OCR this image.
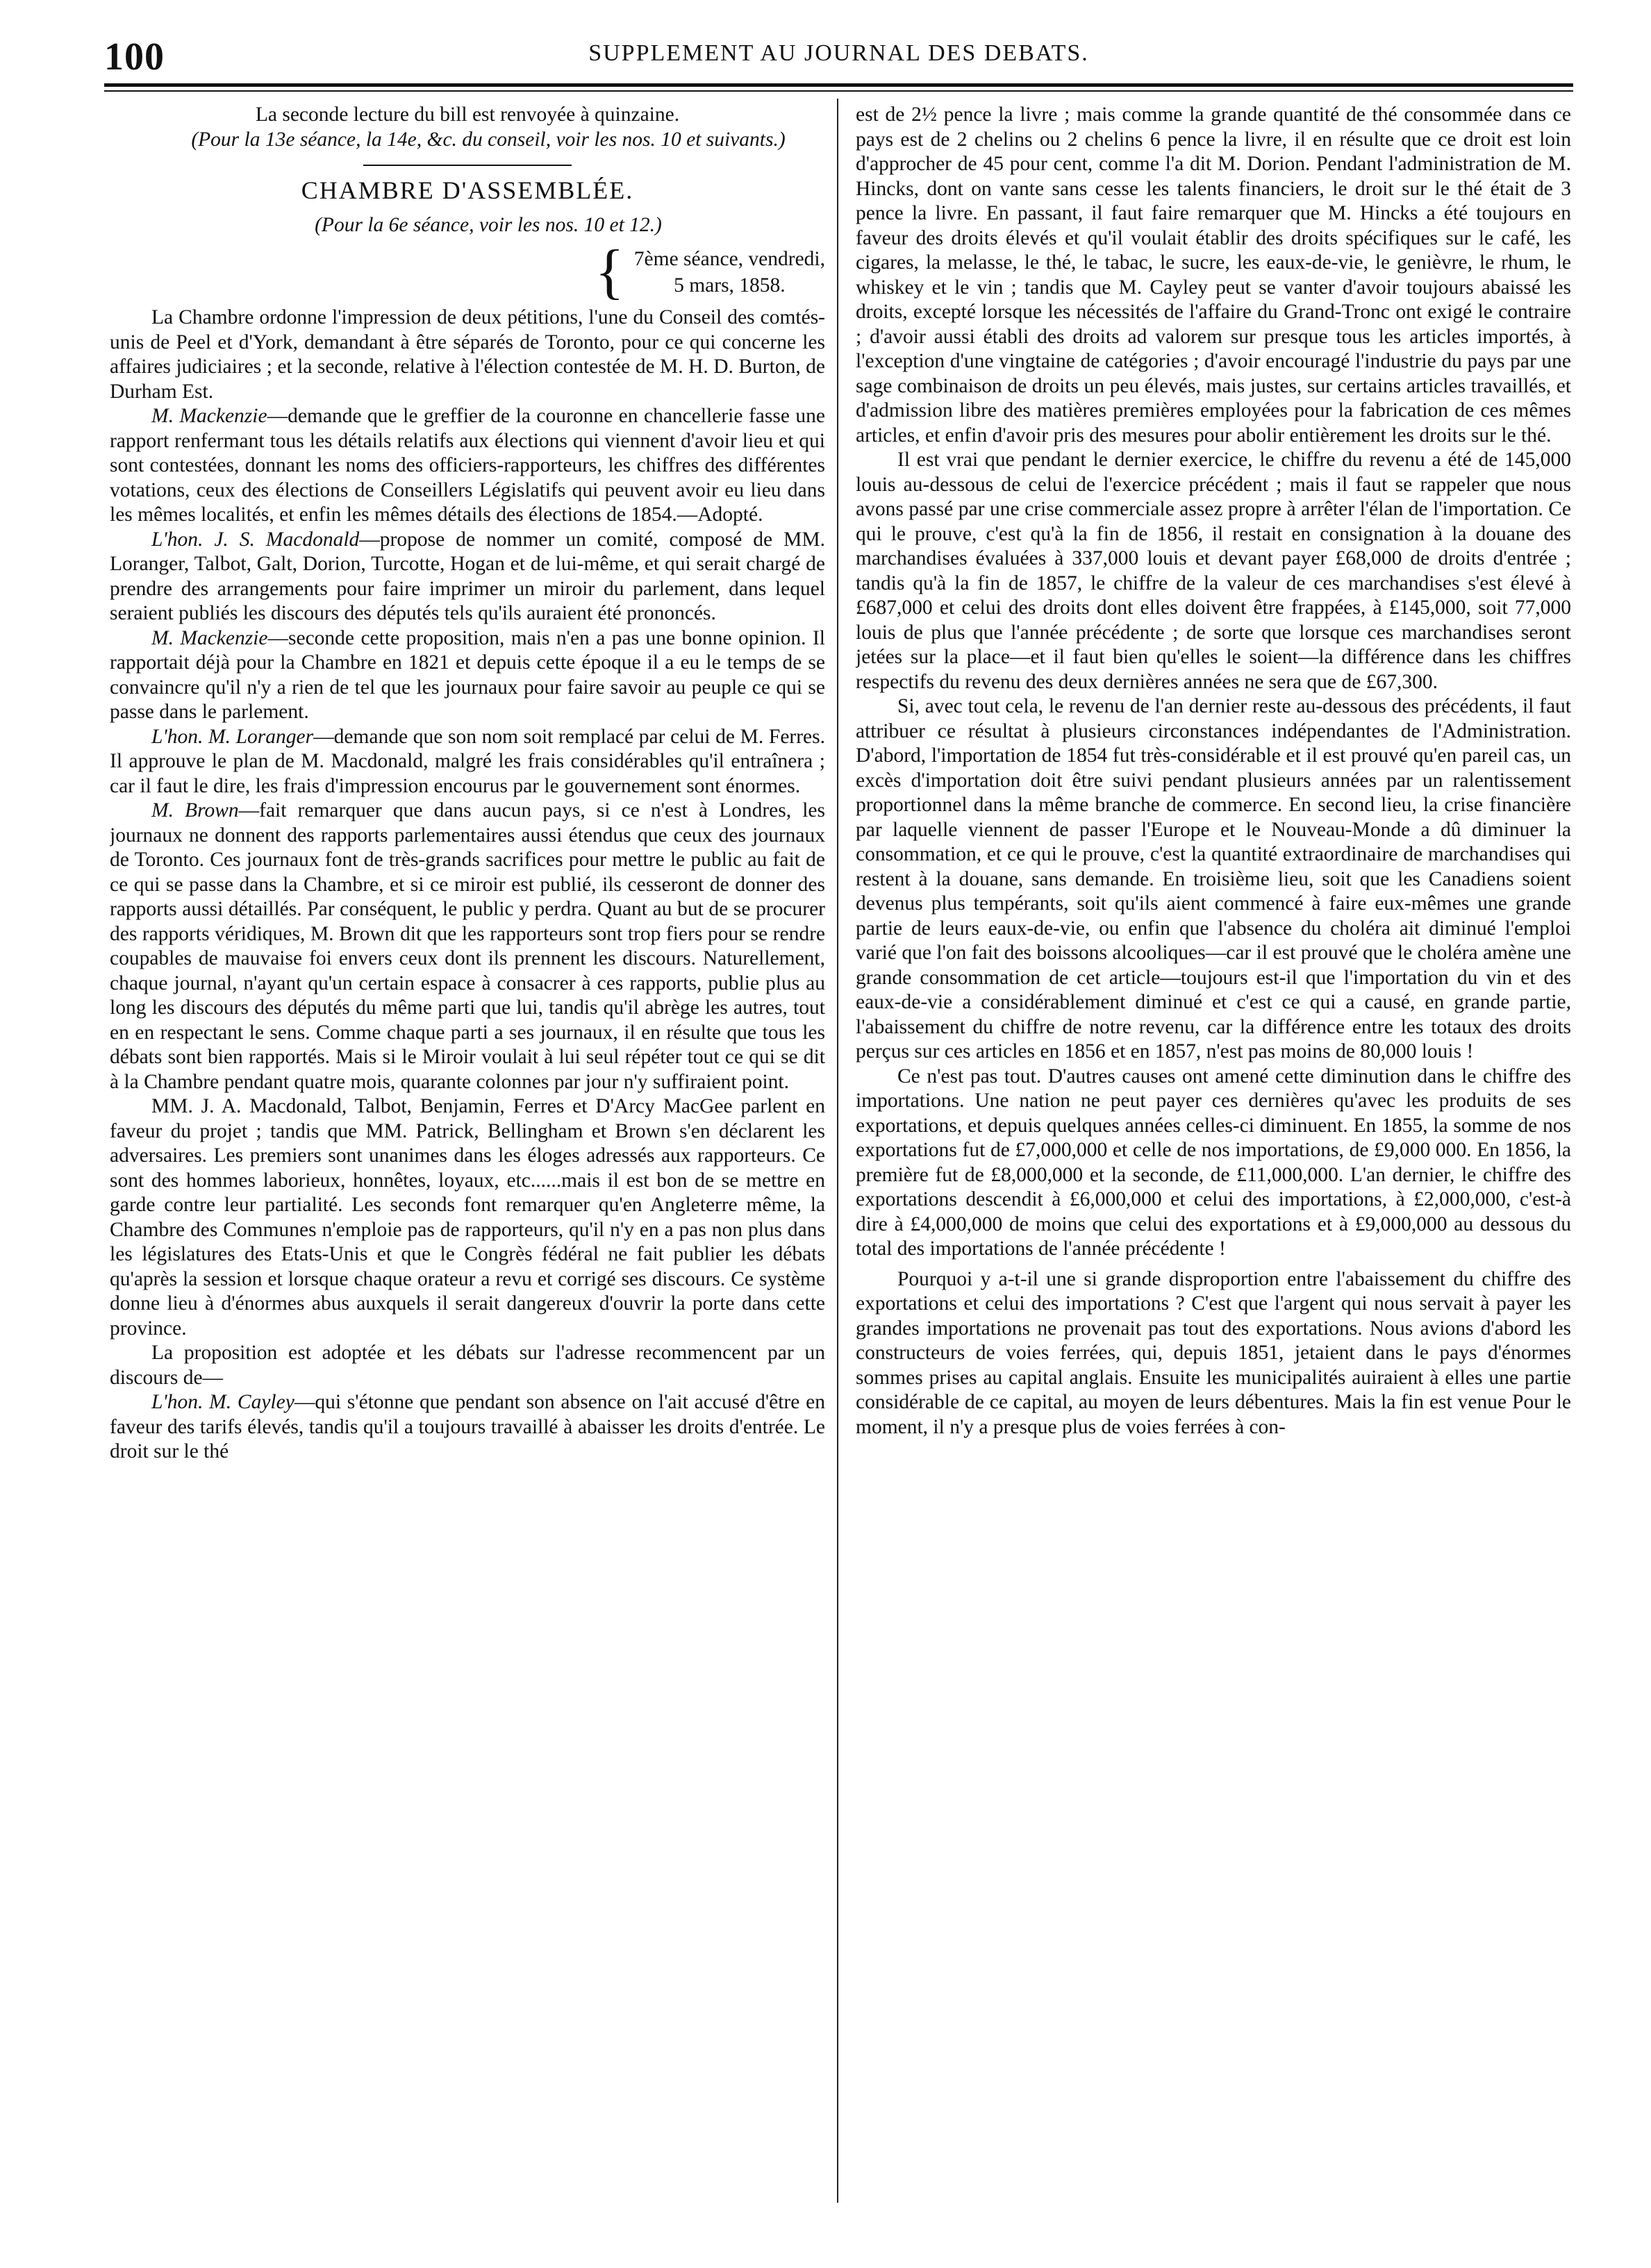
100	SUPPLEMENT AU JOURNAL DES DEBATS.

La seconde lecture du bill est renvoyée à quinzaine.

(Pour la 13e séance, la 14e, &c. du conseil, voir les nos. 10 et suivants.)

CHAMBRE D'ASSEMBLÉE.

(Pour la 6e séance, voir les nos. 10 et 12.)

{ 7ème séance, vendredi,
5 mars, 1858.

La Chambre ordonne l'impression de deux pétitions, l'une du Conseil des comtés-unis de Peel et d'York, demandant à être séparés de Toronto, pour ce qui concerne les affaires judiciaires ; et la seconde, relative à l'élection contestée de M. H. D. Burton, de Durham Est.

M. Mackenzie—demande que le greffier de la couronne en chancellerie fasse une rapport renfermant tous les détails relatifs aux élections qui viennent d'avoir lieu et qui sont contestées, donnant les noms des officiers-rapporteurs, les chiffres des différentes votations, ceux des élections de Conseillers Législatifs qui peuvent avoir eu lieu dans les mêmes localités, et enfin les mêmes détails des élections de 1854.—Adopté.

L'hon. J. S. Macdonald—propose de nommer un comité, composé de MM. Loranger, Talbot, Galt, Dorion, Turcotte, Hogan et de lui-même, et qui serait chargé de prendre des arrangements pour faire imprimer un miroir du parlement, dans lequel seraient publiés les discours des députés tels qu'ils auraient été prononcés.

M. Mackenzie—seconde cette proposition, mais n'en a pas une bonne opinion. Il rapportait déjà pour la Chambre en 1821 et depuis cette époque il a eu le temps de se convaincre qu'il n'y a rien de tel que les journaux pour faire savoir au peuple ce qui se passe dans le parlement.

L'hon. M. Loranger—demande que son nom soit remplacé par celui de M. Ferres. Il approuve le plan de M. Macdonald, malgré les frais considérables qu'il entraînera ; car il faut le dire, les frais d'impression encourus par le gouvernement sont énormes.

M. Brown—fait remarquer que dans aucun pays, si ce n'est à Londres, les journaux ne donnent des rapports parlementaires aussi étendus que ceux des journaux de Toronto. Ces journaux font de très-grands sacrifices pour mettre le public au fait de ce qui se passe dans la Chambre, et si ce miroir est publié, ils cesseront de donner des rapports aussi détaillés. Par conséquent, le public y perdra. Quant au but de se procurer des rapports véridiques, M. Brown dit que les rapporteurs sont trop fiers pour se rendre coupables de mauvaise foi envers ceux dont ils prennent les discours. Naturellement, chaque journal, n'ayant qu'un certain espace à consacrer à ces rapports, publie plus au long les discours des députés du même parti que lui, tandis qu'il abrège les autres, tout en en respectant le sens. Comme chaque parti a ses journaux, il en résulte que tous les débats sont bien rapportés. Mais si le Miroir voulait à lui seul répéter tout ce qui se dit à la Chambre pendant quatre mois, quarante colonnes par jour n'y suffiraient point.

MM. J. A. Macdonald, Talbot, Benjamin, Ferres et D'Arcy MacGee parlent en faveur du projet ; tandis que MM. Patrick, Bellingham et Brown s'en déclarent les adversaires. Les premiers sont unanimes dans les éloges adressés aux rapporteurs. Ce sont des hommes laborieux, honnêtes, loyaux, etc......mais il est bon de se mettre en garde contre leur partialité. Les seconds font remarquer qu'en Angleterre même, la Chambre des Communes n'emploie pas de rapporteurs, qu'il n'y en a pas non plus dans les législatures des Etats-Unis et que le Congrès fédéral ne fait publier les débats qu'après la session et lorsque chaque orateur a revu et corrigé ses discours. Ce système donne lieu à d'énormes abus auxquels il serait dangereux d'ouvrir la porte dans cette province.

La proposition est adoptée et les débats sur l'adresse recommencent par un discours de—

L'hon. M. Cayley—qui s'étonne que pendant son absence on l'ait accusé d'être en faveur des tarifs élevés, tandis qu'il a toujours travaillé à abaisser les droits d'entrée. Le droit sur le thé

est de 2½ pence la livre ; mais comme la grande quantité de thé consommée dans ce pays est de 2 chelins ou 2 chelins 6 pence la livre, il en résulte que ce droit est loin d'approcher de 45 pour cent, comme l'a dit M. Dorion. Pendant l'administration de M. Hincks, dont on vante sans cesse les talents financiers, le droit sur le thé était de 3 pence la livre. En passant, il faut faire remarquer que M. Hincks a été toujours en faveur des droits élevés et qu'il voulait établir des droits spécifiques sur le café, les cigares, la melasse, le thé, le tabac, le sucre, les eaux-de-vie, le genièvre, le rhum, le whiskey et le vin ; tandis que M. Cayley peut se vanter d'avoir toujours abaissé les droits, excepté lorsque les nécessités de l'affaire du Grand-Tronc ont exigé le contraire ; d'avoir aussi établi des droits ad valorem sur presque tous les articles importés, à l'exception d'une vingtaine de catégories ; d'avoir encouragé l'industrie du pays par une sage combinaison de droits un peu élevés, mais justes, sur certains articles travaillés, et d'admission libre des matières premières employées pour la fabrication de ces mêmes articles, et enfin d'avoir pris des mesures pour abolir entièrement les droits sur le thé.

Il est vrai que pendant le dernier exercice, le chiffre du revenu a été de 145,000 louis au-dessous de celui de l'exercice précédent ; mais il faut se rappeler que nous avons passé par une crise commerciale assez propre à arrêter l'élan de l'importation. Ce qui le prouve, c'est qu'à la fin de 1856, il restait en consignation à la douane des marchandises évaluées à 337,000 louis et devant payer £68,000 de droits d'entrée ; tandis qu'à la fin de 1857, le chiffre de la valeur de ces marchandises s'est élevé à £687,000 et celui des droits dont elles doivent être frappées, à £145,000, soit 77,000 louis de plus que l'année précédente ; de sorte que lorsque ces marchandises seront jetées sur la place—et il faut bien qu'elles le soient—la différence dans les chiffres respectifs du revenu des deux dernières années ne sera que de £67,300.

Si, avec tout cela, le revenu de l'an dernier reste au-dessous des précédents, il faut attribuer ce résultat à plusieurs circonstances indépendantes de l'Administration. D'abord, l'importation de 1854 fut très-considérable et il est prouvé qu'en pareil cas, un excès d'importation doit être suivi pendant plusieurs années par un ralentissement proportionnel dans la même branche de commerce. En second lieu, la crise financière par laquelle viennent de passer l'Europe et le Nouveau-Monde a dû diminuer la consommation, et ce qui le prouve, c'est la quantité extraordinaire de marchandises qui restent à la douane, sans demande. En troisième lieu, soit que les Canadiens soient devenus plus tempérants, soit qu'ils aient commencé à faire eux-mêmes une grande partie de leurs eaux-de-vie, ou enfin que l'absence du choléra ait diminué l'emploi varié que l'on fait des boissons alcooliques—car il est prouvé que le choléra amène une grande consommation de cet article—toujours est-il que l'importation du vin et des eaux-de-vie a considérablement diminué et c'est ce qui a causé, en grande partie, l'abaissement du chiffre de notre revenu, car la différence entre les totaux des droits perçus sur ces articles en 1856 et en 1857, n'est pas moins de 80,000 louis !

Ce n'est pas tout. D'autres causes ont amené cette diminution dans le chiffre des importations. Une nation ne peut payer ces dernières qu'avec les produits de ses exportations, et depuis quelques années celles-ci diminuent. En 1855, la somme de nos exportations fut de £7,000,000 et celle de nos importations, de £9,000 000. En 1856, la première fut de £8,000,000 et la seconde, de £11,000,000. L'an dernier, le chiffre des exportations descendit à £6,000,000 et celui des importations, à £2,000,000, c'est-à dire à £4,000,000 de moins que celui des exportations et à £9,000,000 au dessous du total des importations de l'année précédente !

Pourquoi y a-t-il une si grande disproportion entre l'abaissement du chiffre des exportations et celui des importations ? C'est que l'argent qui nous servait à payer les grandes importations ne provenait pas tout des exportations. Nous avions d'abord les constructeurs de voies ferrées, qui, depuis 1851, jetaient dans le pays d'énormes sommes prises au capital anglais. Ensuite les municipalités auiraient à elles une partie considérable de ce capital, au moyen de leurs débentures. Mais la fin est venue Pour le moment, il n'y a presque plus de voies ferrées à con-
